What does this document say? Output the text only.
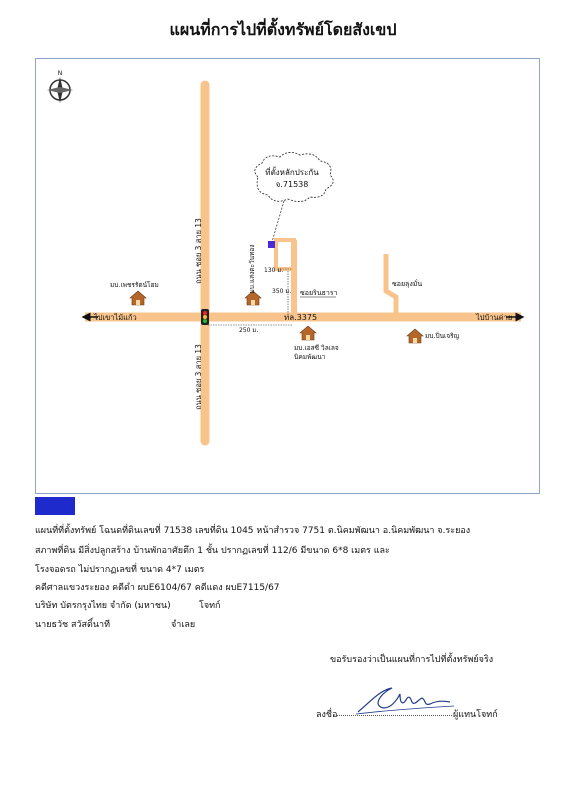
แผนที่การไปที่ตั้งทรัพย์โดยสังเขป
N
ถนน ซอย 3 สาย 13
ถนน ซอย 3 สาย 13
ไปเขาไม้แก้ว	ไปบ้านค่าย
ทล.3375
ซอยรินธารา
ซอยลุงมั่น
ที่ตั้งหลักประกัน
จ.71538
130 ม.
350 ม.
250 ม.
มบ.เพชรรัตน์โฮม	มบ.แสงตะวันทอง
มบ.เอสซี วิลเลจ
นิคมพัฒนา
มบ.ปิ่นเจริญ
แผนที่ที่ตั้งทรัพย์ โฉนดที่ดินเลขที่ 71538 เลขที่ดิน 1045 หน้าสำรวจ 7751 ต.นิคมพัฒนา อ.นิคมพัฒนา จ.ระยอง
สภาพที่ดิน มีสิ่งปลูกสร้าง บ้านพักอาศัยตึก 1 ชั้น ปรากฏเลขที่ 112/6 มีขนาด 6*8 เมตร และ
โรงจอดรถ ไม่ปรากฏเลขที่ ขนาด 4*7 เมตร
คดีศาลแขวงระยอง คดีดำ ผบE6104/67 คดีแดง ผบE7115/67
บริษัท บัตรกรุงไทย จำกัด (มหาชน)	โจทก์
นายธวัช สวัสดิ์นาที	จำเลย
ขอรับรองว่าเป็นแผนที่การไปที่ตั้งทรัพย์จริง
ลงชื่อ	ผู้แทนโจทก์
